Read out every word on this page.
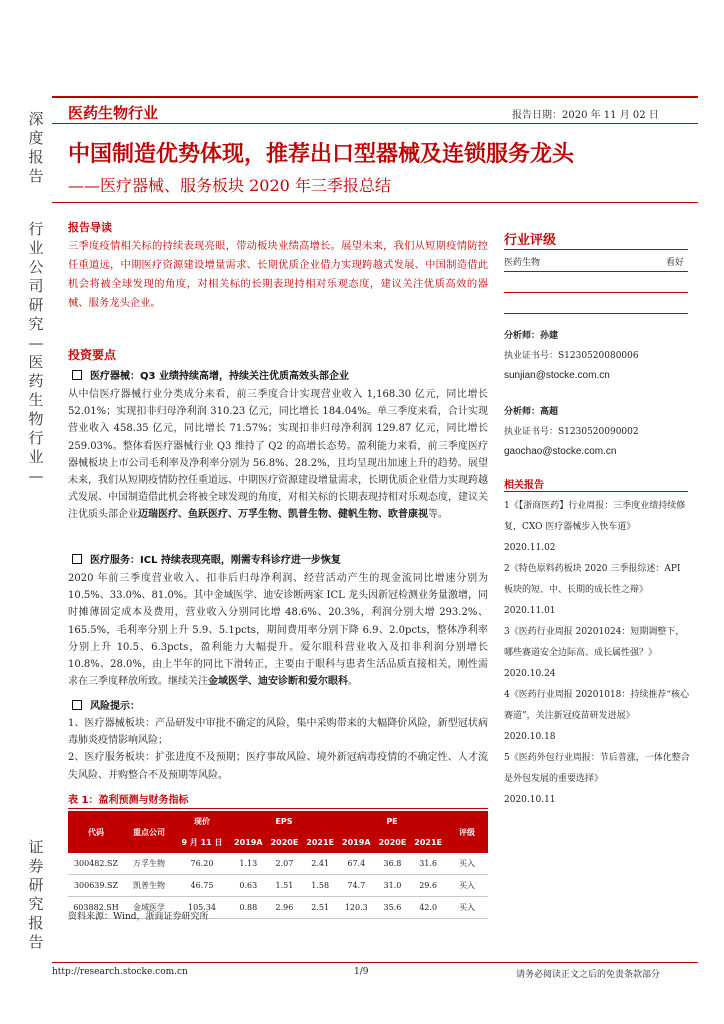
医药生物行业	报告日期：2020 年 11 月 02 日
中国制造优势体现，推荐出口型器械及连锁服务龙头
——医疗器械、服务板块 2020 年三季报总结
深度报告
行业公司研究—医药生物行业—
证券研究报告
报告导读
三季度疫情相关标的持续表现亮眼，带动板块业绩高增长。展望未来，我们从短期疫情防控任重道远，中期医疗资源建设增量需求、长期优质企业借力实现跨越式发展、中国制造借此机会将被全球发现的角度，对相关标的长期表现持相对乐观态度，建议关注优质高效的器械、服务龙头企业。
投资要点
医疗器械：Q3 业绩持续高增，持续关注优质高效头部企业
从中信医疗器械行业分类成分来看，前三季度合计实现营业收入 1,168.30 亿元，同比增长 52.01%；实现扣非归母净利润 310.23 亿元，同比增长 184.04%。单三季度来看，合计实现营业收入 458.35 亿元，同比增长 71.57%；实现扣非归母净利润 129.87 亿元，同比增长 259.03%。整体看医疗器械行业 Q3 维持了 Q2 的高增长态势。盈利能力来看，前三季度医疗器械板块上市公司毛利率及净利率分别为 56.8%、28.2%，且均呈现出加速上升的趋势。展望未来，我们从短期疫情防控任重道远、中期医疗资源建设增量需求，长期优质企业借力实现跨越式发展、中国制造借此机会将被全球发现的角度，对相关标的长期表现持相对乐观态度，建议关注优质头部企业迈瑞医疗、鱼跃医疗、万孚生物、凯普生物、健帆生物、欧普康视等。
医疗服务：ICL 持续表现亮眼，刚需专科诊疗进一步恢复
2020 年前三季度营业收入、扣非后归母净利润、经营活动产生的现金流同比增速分别为 10.5%、33.0%、81.0%。其中金域医学、迪安诊断两家 ICL 龙头因新冠检测业务量激增，同时摊薄固定成本及费用，营业收入分别同比增 48.6%、20.3%，利润分别大增 293.2%、165.5%，毛利率分别上升 5.9、5.1pcts，期间费用率分别下降 6.9、2.0pcts，整体净利率分别上升 10.5、6.3pcts，盈利能力大幅提升。爱尔眼科营业收入及扣非利润分别增长 10.8%、28.0%，由上半年的同比下滑转正，主要由于眼科与患者生活品质直接相关，刚性需求在三季度释放所致。继续关注金域医学、迪安诊断和爱尔眼科。
风险提示：
1、医疗器械板块：产品研发中审批不确定的风险，集中采购带来的大幅降价风险，新型冠状病毒肺炎疫情影响风险；
2、医疗服务板块：扩张进度不及预期；医疗事故风险、境外新冠病毒疫情的不确定性、人才流失风险、并购整合不及预期等风险。
表 1：盈利预测与财务指标
代码	重点公司	现价	EPS			PE			评级
		9 月 11 日	2019A	2020E	2021E	2019A	2020E	2021E	
300482.SZ	万孚生物	76.20	1.13	2.07	2.41	67.4	36.8	31.6	买入
300639.SZ	凯普生物	46.75	0.63	1.51	1.58	74.7	31.0	29.6	买入
603882.SH	金域医学	105.34	0.88	2.96	2.51	120.3	35.6	42.0	买入
资料来源：Wind，浙商证券研究所
行业评级
医药生物	看好
分析师：孙建
执业证书号：S1230520080006
sunjian@stocke.com.cn
分析师：高超
执业证书号：S1230520090002
gaochao@stocke.com.cn
相关报告
1《【浙商医药】行业周报：三季度业绩持续修复，CXO 医疗器械步入快车道》
2020.11.02
2《特色原料药板块 2020 三季报综述：API 板块的短、中、长期的成长性之辩》
2020.11.01
3《医药行业周报 20201024：短期调整下，哪些赛道安全边际高、成长属性强？》
2020.10.24
4《医药行业周报 20201018：持续推荐“核心赛道”，关注新冠疫苗研发进展》
2020.10.18
5《医药外包行业周报：节后普涨，一体化整合是外包发展的重要选择》
2020.10.11
http://research.stocke.com.cn	1/9	请务必阅读正文之后的免责条款部分
